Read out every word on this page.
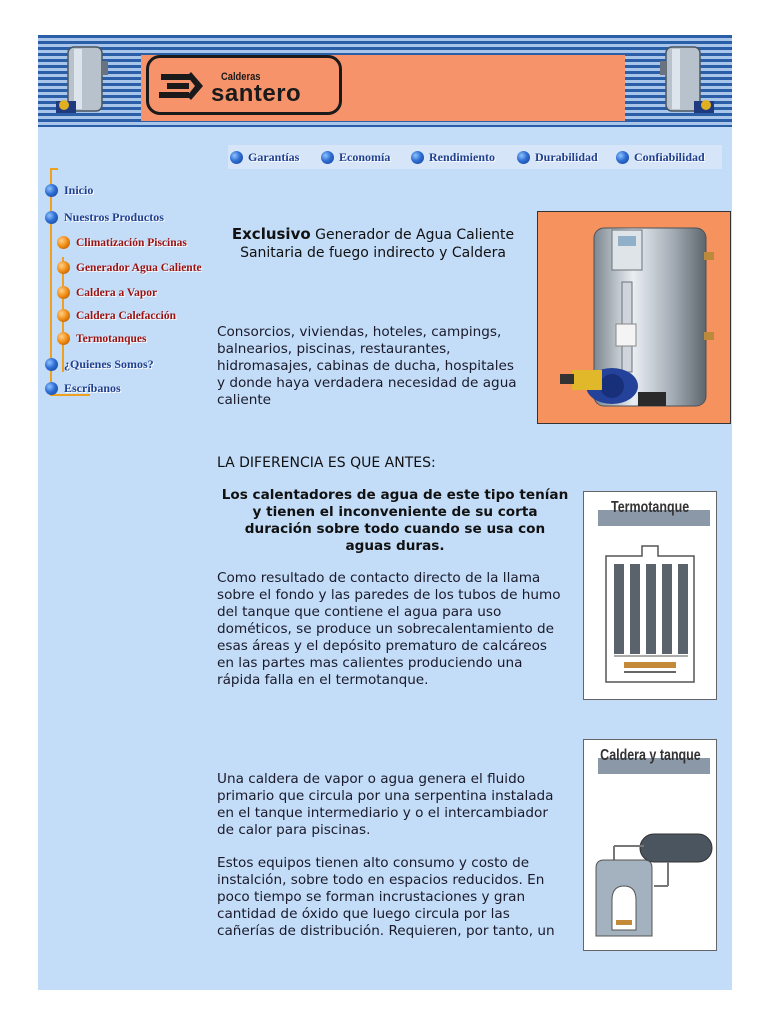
Calderas
santero
Garantías	Economía	Rendimiento	Durabilidad	Confiabilidad
Inicio
Nuestros Productos
Climatización Piscinas
Generador Agua Caliente
Caldera a Vapor
Caldera Calefacción
Termotanques
¿Quienes Somos?
Escríbanos
Exclusivo Generador de Agua Caliente Sanitaria de fuego indirecto y Caldera
Consorcios, viviendas, hoteles, campings, balnearios, piscinas, restaurantes, hidromasajes, cabinas de ducha, hospitales y donde haya verdadera necesidad de agua caliente
LA DIFERENCIA ES QUE ANTES:
Los calentadores de agua de este tipo tenían y tienen el inconveniente de su corta duración sobre todo cuando se usa con aguas duras.
Como resultado de contacto directo de la llama sobre el fondo y las paredes de los tubos de humo del tanque que contiene el agua para uso dométicos, se produce un sobrecalentamiento de esas áreas y el depósito prematuro de calcáreos en las partes mas calientes produciendo una rápida falla en el termotanque.
Termotanque
Caldera y tanque
Una caldera de vapor o agua genera el fluido primario que circula por una serpentina instalada en el tanque intermediario y o el intercambiador de calor para piscinas.
Estos equipos tienen alto consumo y costo de instalción, sobre todo en espacios reducidos. En poco tiempo se forman incrustaciones y gran cantidad de óxido que luego circula por las cañerías de distribución. Requieren, por tanto, un
